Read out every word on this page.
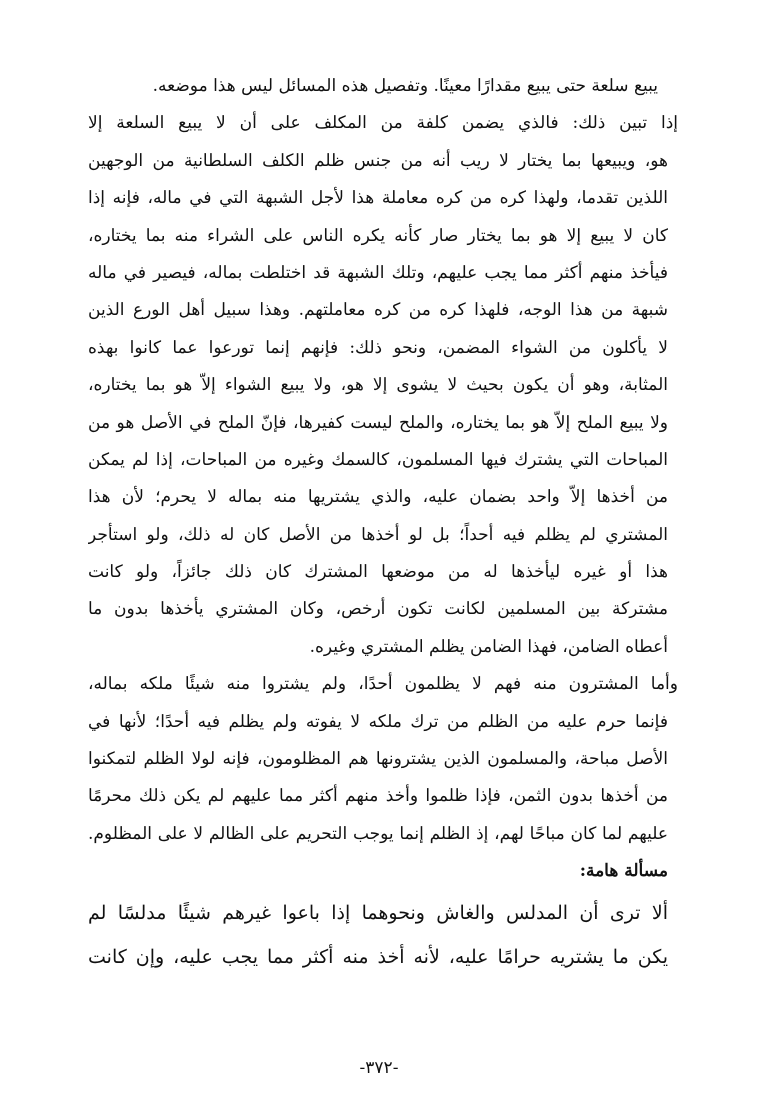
يبيع سلعة حتى يبيع مقدارًا معينًا. وتفصيل هذه المسائل ليس هذا موضعه.
إذا تبين ذلك: فالذي يضمن كلفة من المكلف على أن لا يبيع السلعة إلا
هو، ويبيعها بما يختار لا ريب أنه من جنس ظلم الكلف السلطانية من الوجهين
اللذين تقدما، ولهذا كره من كره معاملة هذا لأجل الشبهة التي في ماله، فإنه إذا
كان لا يبيع إلا هو بما يختار صار كأنه يكره الناس على الشراء منه بما يختاره،
فيأخذ منهم أكثر مما يجب عليهم، وتلك الشبهة قد اختلطت بماله، فيصير في ماله
شبهة من هذا الوجه، فلهذا كره من كره معاملتهم. وهذا سبيل أهل الورع الذين
لا يأكلون من الشواء المضمن، ونحو ذلك: فإنهم إنما تورعوا عما كانوا بهذه
المثابة، وهو أن يكون بحيث لا يشوى إلا هو، ولا يبيع الشواء إلاّ هو بما يختاره،
ولا يبيع الملح إلاّ هو بما يختاره، والملح ليست كفيرها، فإنّ الملح في الأصل هو من
المباحات التي يشترك فيها المسلمون، كالسمك وغيره من المباحات، إذا لم يمكن
من أخذها إلاّ واحد بضمان عليه، والذي يشتريها منه بماله لا يحرم؛ لأن هذا
المشتري لم يظلم فيه أحداً؛ بل لو أخذها من الأصل كان له ذلك، ولو استأجر
هذا أو غيره ليأخذها له من موضعها المشترك كان ذلك جائزاً، ولو كانت
مشتركة بين المسلمين لكانت تكون أرخص، وكان المشتري يأخذها بدون ما
أعطاه الضامن، فهذا الضامن يظلم المشتري وغيره.
وأما المشترون منه فهم لا يظلمون أحدًا، ولم يشتروا منه شيئًا ملكه بماله،
فإنما حرم عليه من الظلم من ترك ملكه لا يفوته ولم يظلم فيه أحدًا؛ لأنها في
الأصل مباحة، والمسلمون الذين يشترونها هم المظلومون، فإنه لولا الظلم لتمكنوا
من أخذها بدون الثمن، فإذا ظلموا وأخذ منهم أكثر مما عليهم لم يكن ذلك محرمًا
عليهم لما كان مباحًا لهم، إذ الظلم إنما يوجب التحريم على الظالم لا على المظلوم.
مسألة هامة:
ألا ترى أن المدلس والغاش ونحوهما إذا باعوا غيرهم شيئًا مدلسًا لم
يكن ما يشتريه حرامًا عليه، لأنه أخذ منه أكثر مما يجب عليه، وإن كانت
-٣٧٢-
